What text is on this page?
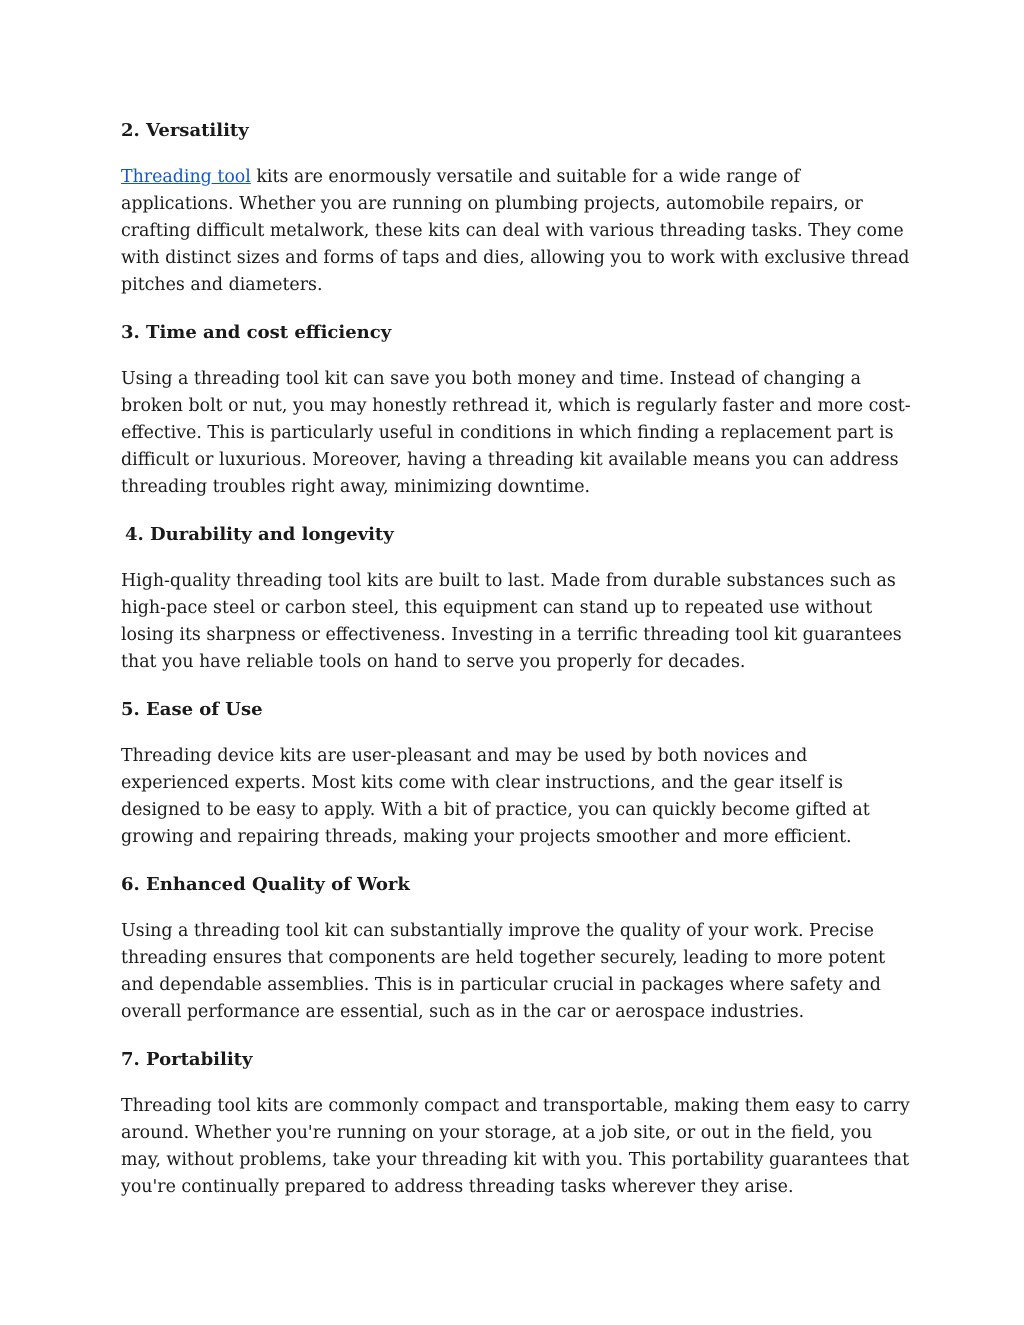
2. Versatility

Threading tool kits are enormously versatile and suitable for a wide range of applications. Whether you are running on plumbing projects, automobile repairs, or crafting difficult metalwork, these kits can deal with various threading tasks. They come with distinct sizes and forms of taps and dies, allowing you to work with exclusive thread pitches and diameters.

3. Time and cost efficiency

Using a threading tool kit can save you both money and time. Instead of changing a broken bolt or nut, you may honestly rethread it, which is regularly faster and more cost-effective. This is particularly useful in conditions in which finding a replacement part is difficult or luxurious. Moreover, having a threading kit available means you can address threading troubles right away, minimizing downtime.

4. Durability and longevity

High-quality threading tool kits are built to last. Made from durable substances such as high-pace steel or carbon steel, this equipment can stand up to repeated use without losing its sharpness or effectiveness. Investing in a terrific threading tool kit guarantees that you have reliable tools on hand to serve you properly for decades.

5. Ease of Use

Threading device kits are user-pleasant and may be used by both novices and experienced experts. Most kits come with clear instructions, and the gear itself is designed to be easy to apply. With a bit of practice, you can quickly become gifted at growing and repairing threads, making your projects smoother and more efficient.

6. Enhanced Quality of Work

Using a threading tool kit can substantially improve the quality of your work. Precise threading ensures that components are held together securely, leading to more potent and dependable assemblies. This is in particular crucial in packages where safety and overall performance are essential, such as in the car or aerospace industries.

7. Portability

Threading tool kits are commonly compact and transportable, making them easy to carry around. Whether you're running on your storage, at a job site, or out in the field, you may, without problems, take your threading kit with you. This portability guarantees that you're continually prepared to address threading tasks wherever they arise.
